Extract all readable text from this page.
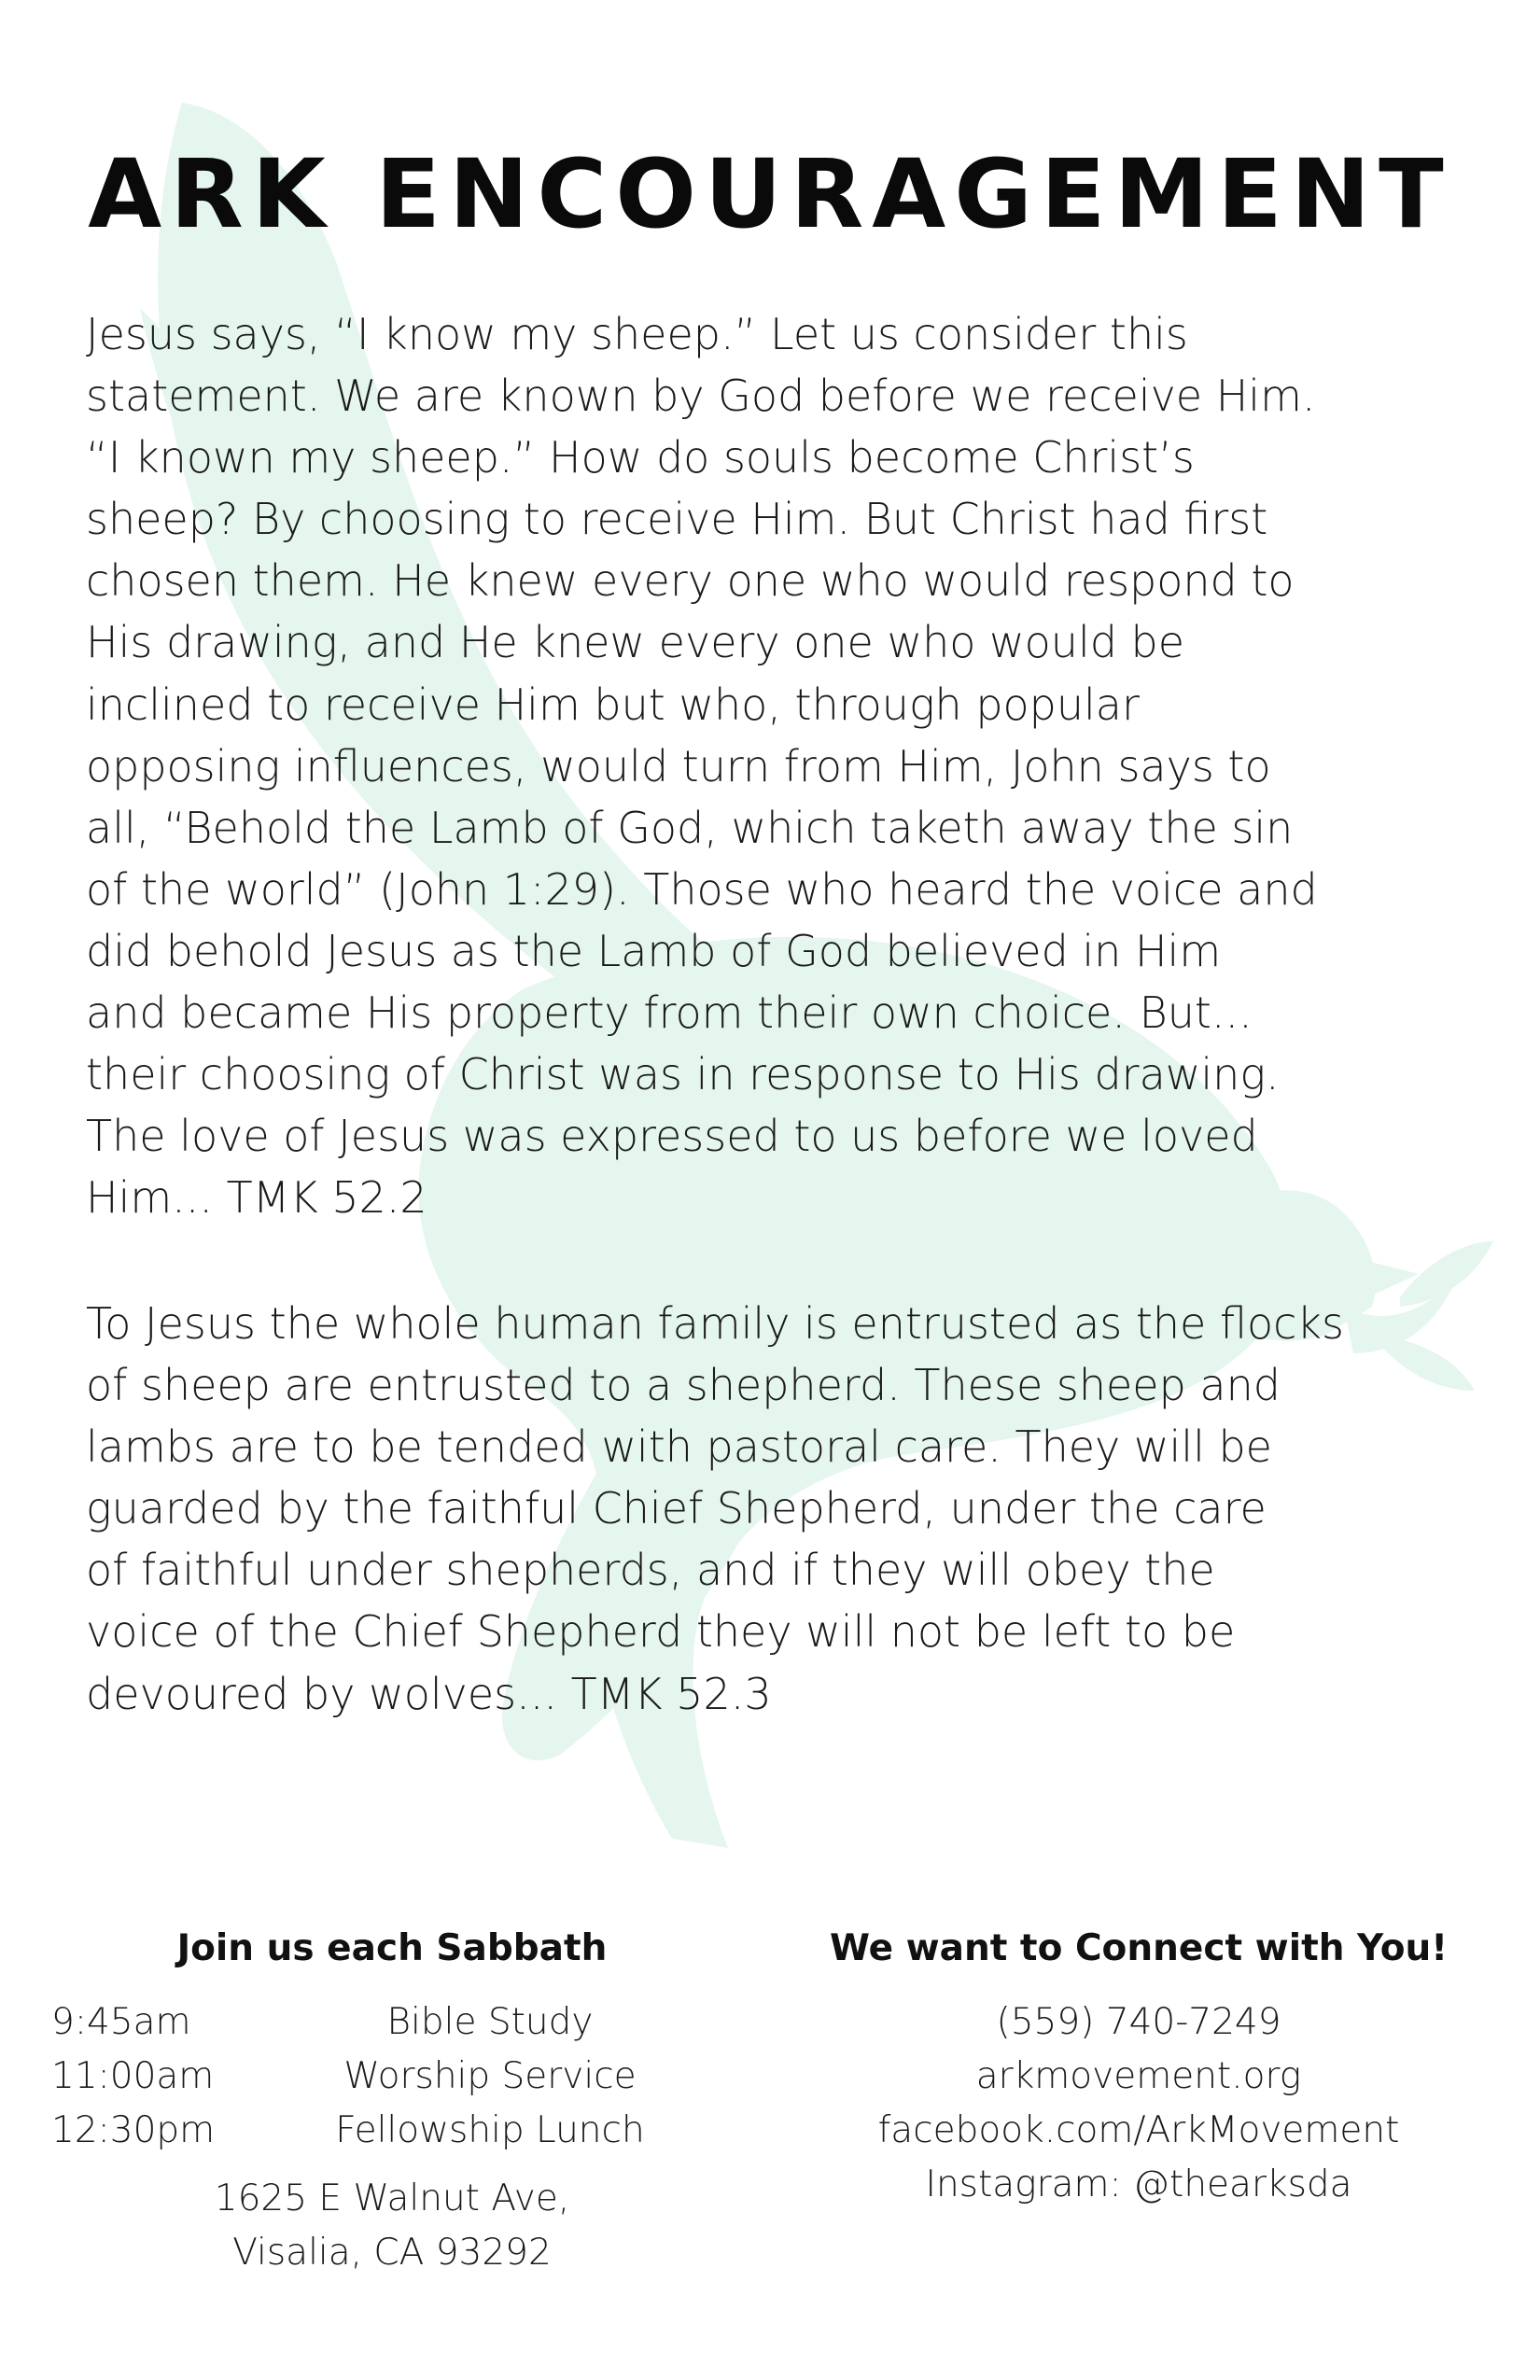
ARK ENCOURAGEMENT
Jesus says, “I know my sheep.” Let us consider this
statement. We are known by God before we receive Him.
“I known my sheep.” How do souls become Christ’s
sheep? By choosing to receive Him. But Christ had first
chosen them. He knew every one who would respond to
His drawing, and He knew every one who would be
inclined to receive Him but who, through popular
opposing influences, would turn from Him, John says to
all, “Behold the Lamb of God, which taketh away the sin
of the world” (John 1:29). Those who heard the voice and
did behold Jesus as the Lamb of God believed in Him
and became His property from their own choice. But...
their choosing of Christ was in response to His drawing.
The love of Jesus was expressed to us before we loved
Him... TMK 52.2
To Jesus the whole human family is entrusted as the flocks
of sheep are entrusted to a shepherd. These sheep and
lambs are to be tended with pastoral care. They will be
guarded by the faithful Chief Shepherd, under the care
of faithful under shepherds, and if they will obey the
voice of the Chief Shepherd they will not be left to be
devoured by wolves... TMK 52.3
Join us each Sabbath
9:45am	Bible Study
11:00am	Worship Service
12:30pm	Fellowship Lunch
1625 E Walnut Ave,
Visalia, CA 93292
We want to Connect with You!
(559) 740-7249
arkmovement.org
facebook.com/ArkMovement
Instagram: @thearksda
